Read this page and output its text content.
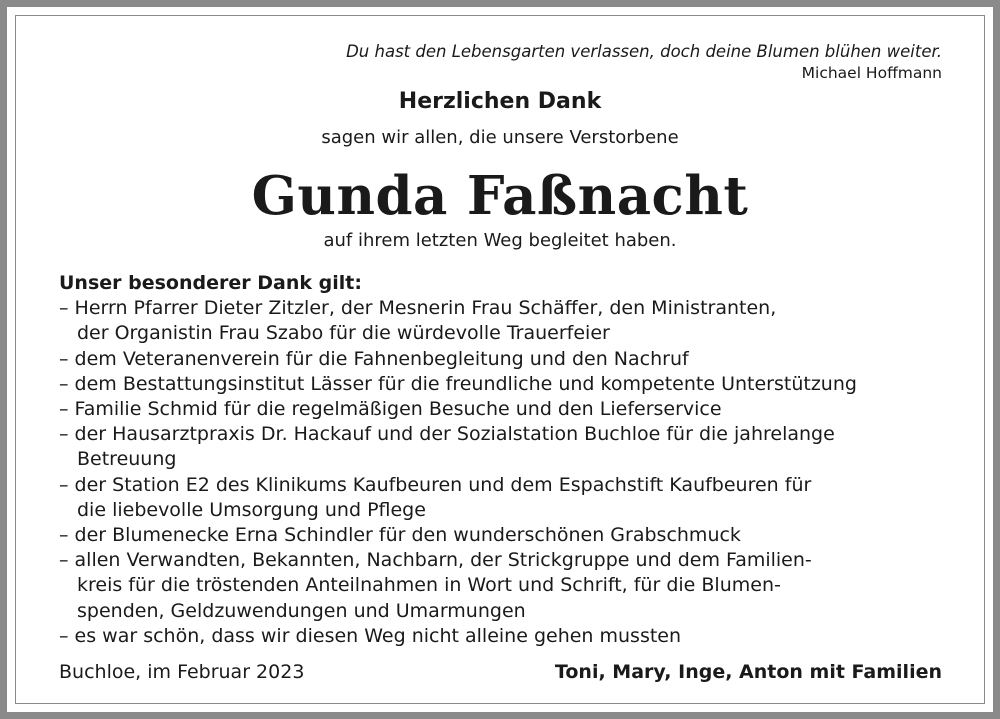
Du hast den Lebensgarten verlassen, doch deine Blumen blühen weiter.
Michael Hoffmann
Herzlichen Dank
sagen wir allen, die unsere Verstorbene
Gunda Faßnacht
auf ihrem letzten Weg begleitet haben.
Unser besonderer Dank gilt:
– Herrn Pfarrer Dieter Zitzler, der Mesnerin Frau Schäffer, den Ministranten,
der Organistin Frau Szabo für die würdevolle Trauerfeier
– dem Veteranenverein für die Fahnenbegleitung und den Nachruf
– dem Bestattungsinstitut Lässer für die freundliche und kompetente Unterstützung
– Familie Schmid für die regelmäßigen Besuche und den Lieferservice
– der Hausarztpraxis Dr. Hackauf und der Sozialstation Buchloe für die jahrelange
Betreuung
– der Station E2 des Klinikums Kaufbeuren und dem Espachstift Kaufbeuren für
die liebevolle Umsorgung und Pflege
– der Blumenecke Erna Schindler für den wunderschönen Grabschmuck
– allen Verwandten, Bekannten, Nachbarn, der Strickgruppe und dem Familien-
kreis für die tröstenden Anteilnahmen in Wort und Schrift, für die Blumen-
spenden, Geldzuwendungen und Umarmungen
– es war schön, dass wir diesen Weg nicht alleine gehen mussten
Buchloe, im Februar 2023	Toni, Mary, Inge, Anton mit Familien
